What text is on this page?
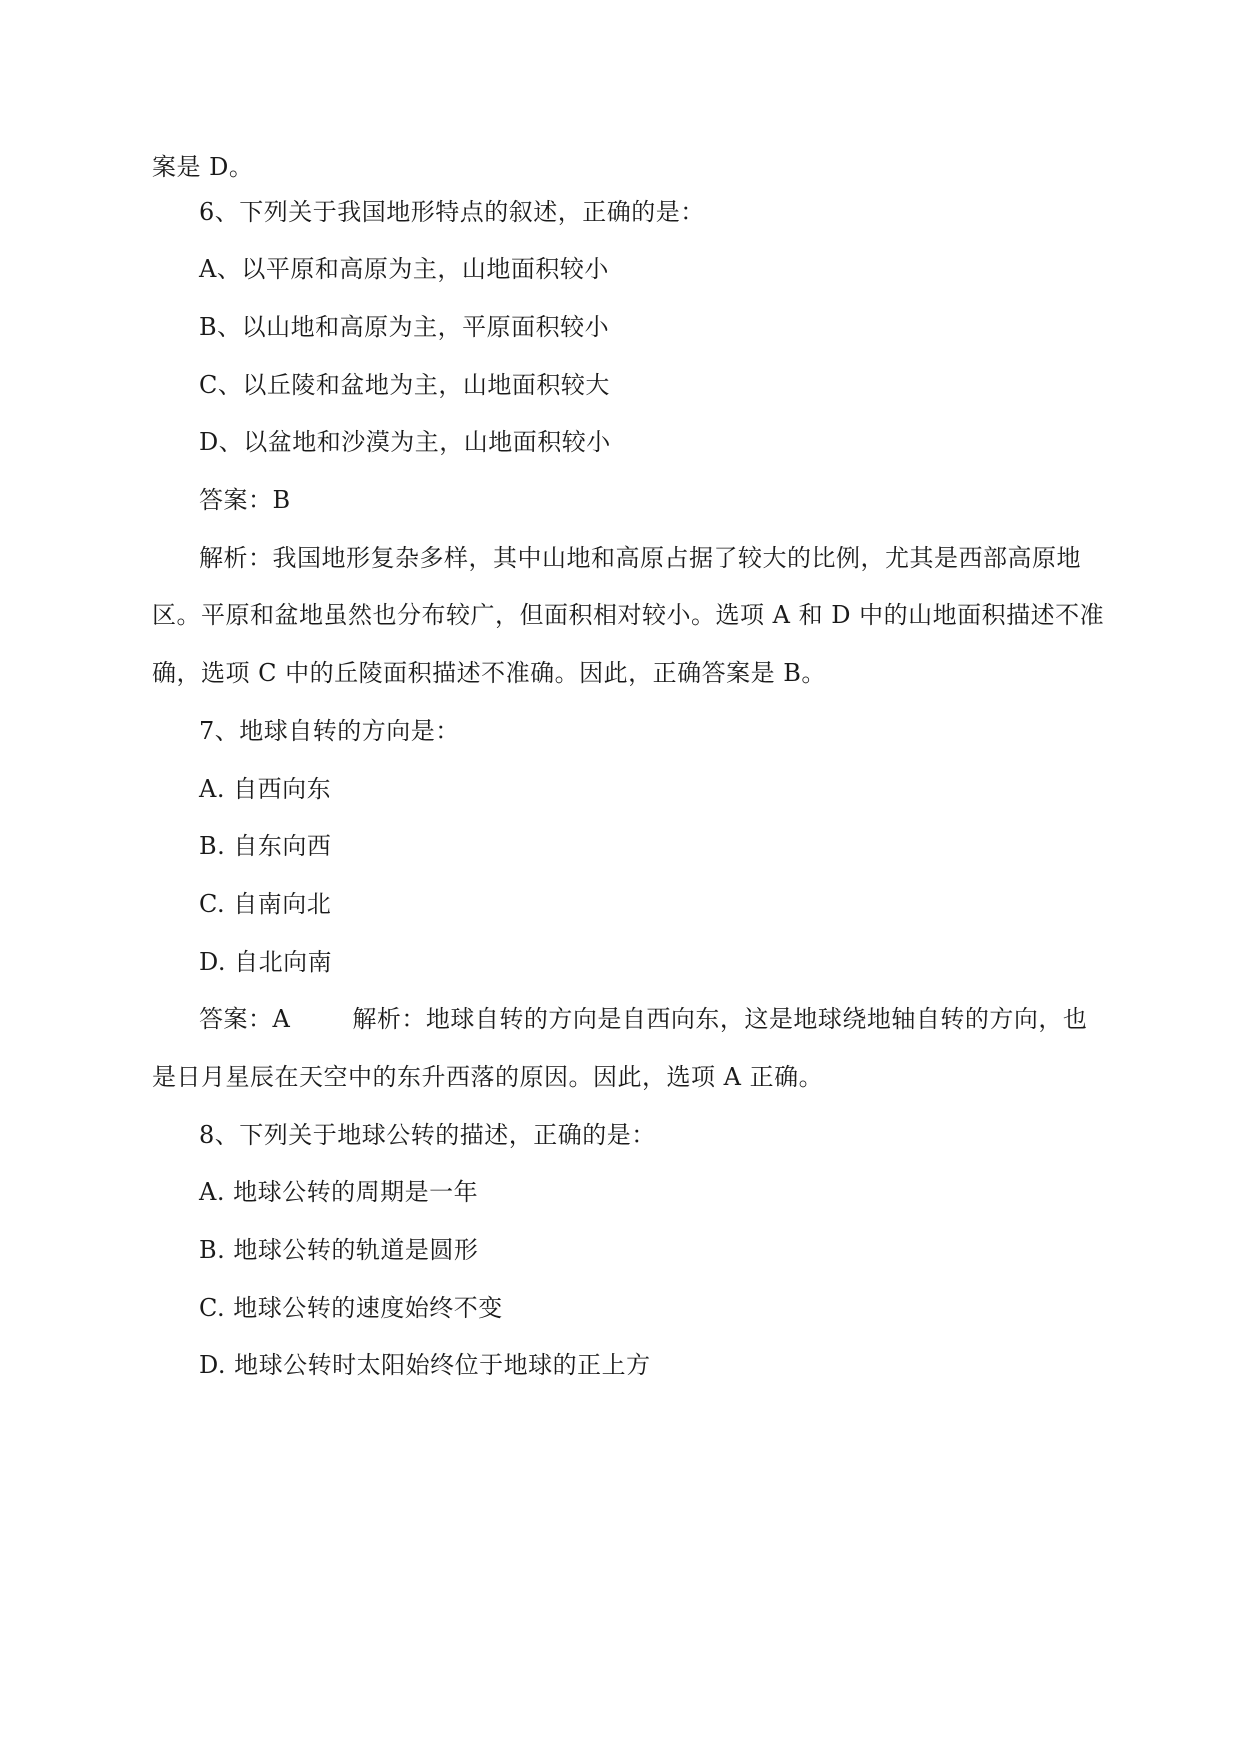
案是 D。
6、下列关于我国地形特点的叙述，正确的是：
A、以平原和高原为主，山地面积较小
B、以山地和高原为主，平原面积较小
C、以丘陵和盆地为主，山地面积较大
D、以盆地和沙漠为主，山地面积较小
答案：B
解析：我国地形复杂多样，其中山地和高原占据了较大的比例，尤其是西部高原地
区。平原和盆地虽然也分布较广，但面积相对较小。选项 A 和 D 中的山地面积描述不准
确，选项 C 中的丘陵面积描述不准确。因此，正确答案是 B。
7、地球自转的方向是：
A. 自西向东
B. 自东向西
C. 自南向北
D. 自北向南
答案：A	解析：地球自转的方向是自西向东，这是地球绕地轴自转的方向，也
是日月星辰在天空中的东升西落的原因。因此，选项 A 正确。
8、下列关于地球公转的描述，正确的是：
A. 地球公转的周期是一年
B. 地球公转的轨道是圆形
C. 地球公转的速度始终不变
D. 地球公转时太阳始终位于地球的正上方
